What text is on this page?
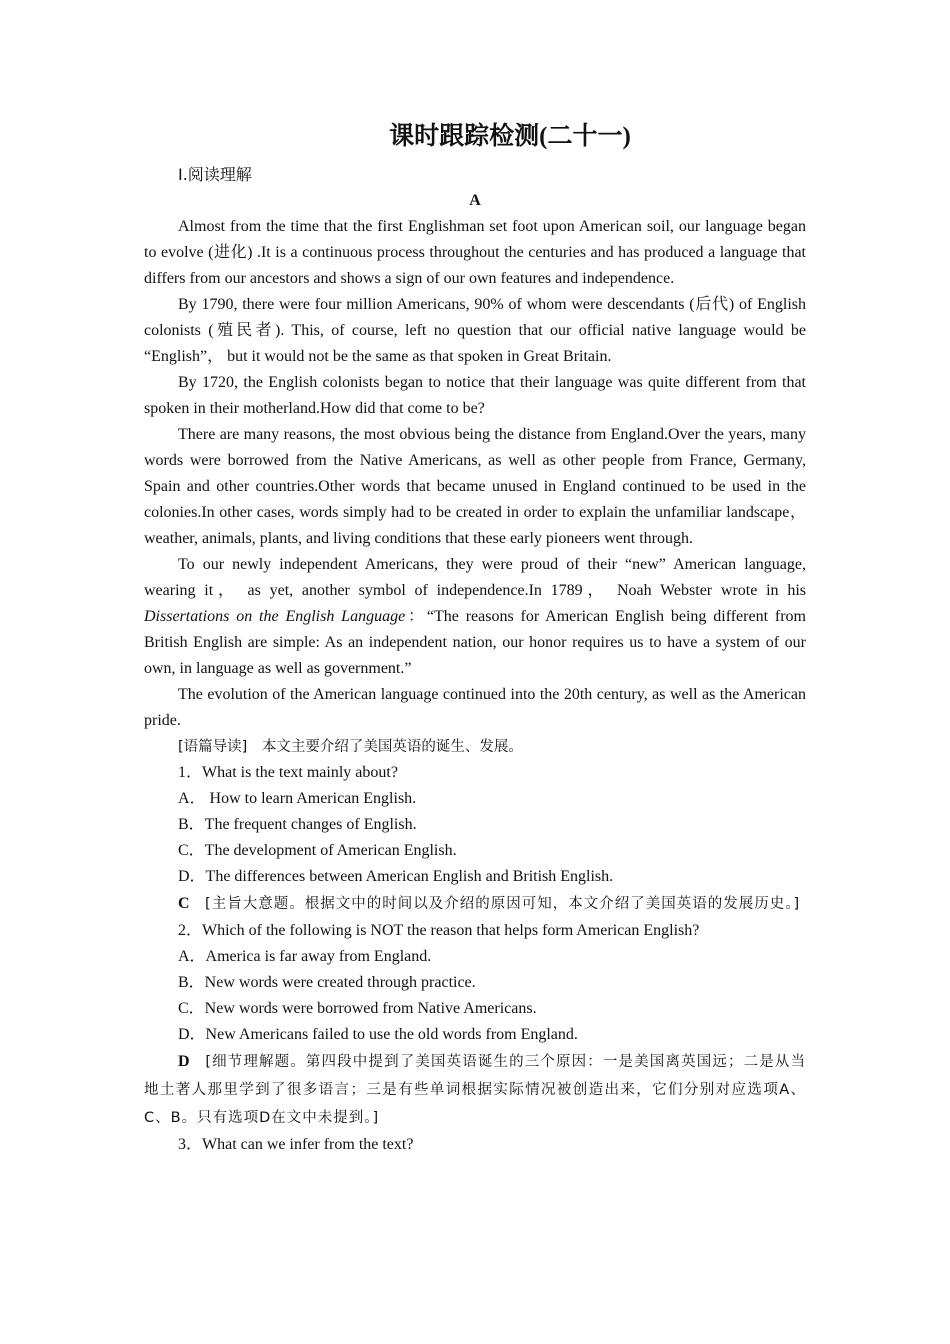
课时跟踪检测(二十一)
Ⅰ.阅读理解
A

Almost from the time that the first Englishman set foot upon American soil, our language began to evolve (进化) .It is a continuous process throughout the centuries and has produced a language that differs from our ancestors and shows a sign of our own features and independence.

By 1790, there were four million Americans, 90% of whom were descendants (后代) of English colonists (殖民者). This, of course, left no question that our official native language would be “English”， but it would not be the same as that spoken in Great Britain.

By 1720, the English colonists began to notice that their language was quite different from that spoken in their motherland.How did that come to be?

There are many reasons, the most obvious being the distance from England.Over the years, many words were borrowed from the Native Americans, as well as other people from France, Germany, Spain and other countries.Other words that became unused in England continued to be used in the colonies.In other cases, words simply had to be created in order to explain the unfamiliar landscape， weather, animals, plants, and living conditions that these early pioneers went through.

To our newly independent Americans, they were proud of their “new” American language, wearing it， as yet, another symbol of independence.In 1789， Noah Webster wrote in his Dissertations on the English Language：“The reasons for American English being different from British English are simple: As an independent nation, our honor requires us to have a system of our own, in language as well as government.”

The evolution of the American language continued into the 20th century, as well as the American pride.

[语篇导读]　本文主要介绍了美国英语的诞生、发展。

1．What is the text mainly about?

A． How to learn American English.

B．The frequent changes of English.

C．The development of American English.

D．The differences between American English and British English.

C　[主旨大意题。根据文中的时间以及介绍的原因可知，本文介绍了美国英语的发展历史。]

2．Which of the following is NOT the reason that helps form American English?

A．America is far away from England.

B．New words were created through practice.

C．New words were borrowed from Native Americans.

D．New Americans failed to use the old words from England.

D　[细节理解题。第四段中提到了美国英语诞生的三个原因：一是美国离英国远；二是从当地土著人那里学到了很多语言；三是有些单词根据实际情况被创造出来，它们分别对应选项A、C、B。只有选项D在文中未提到。]

3．What can we infer from the text?
